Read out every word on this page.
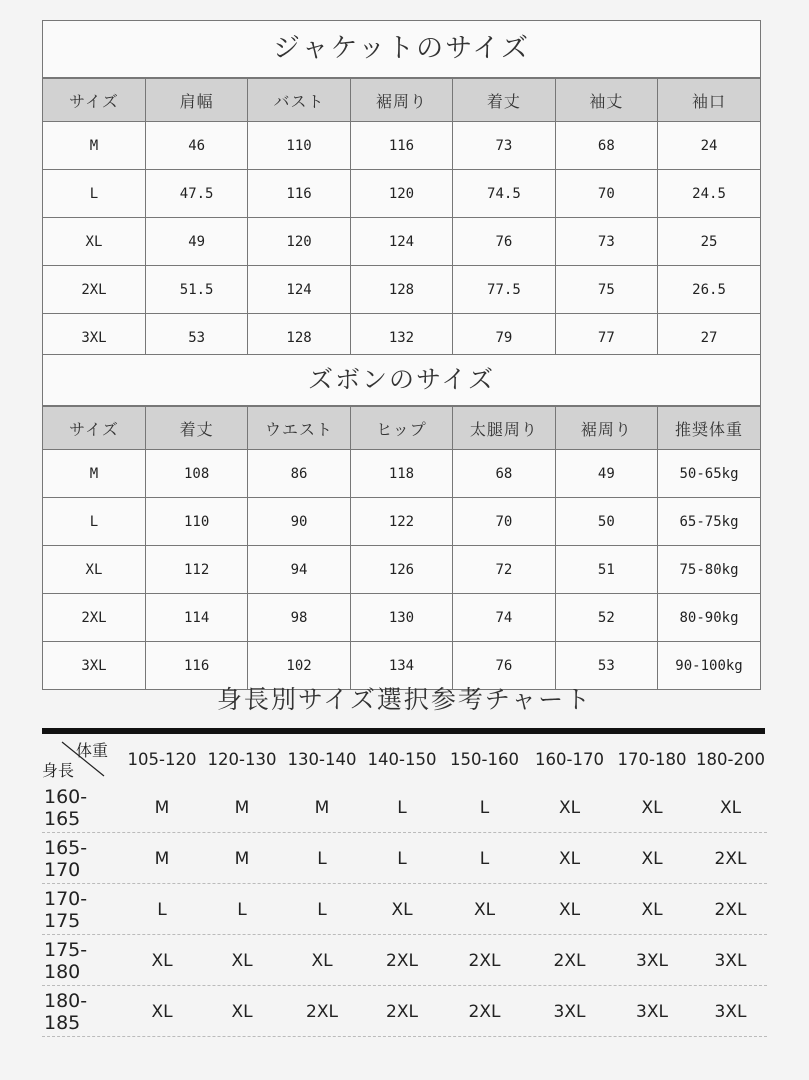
ジャケットのサイズ
サイズ	肩幅	バスト	裾周り	着丈	袖丈	袖口
M	46	110	116	73	68	24
L	47.5	116	120	74.5	70	24.5
XL	49	120	124	76	73	25
2XL	51.5	124	128	77.5	75	26.5
3XL	53	128	132	79	77	27
ズボンのサイズ
サイズ	着丈	ウエスト	ヒップ	太腿周り	裾周り	推奨体重
M	108	86	118	68	49	50-65kg
L	110	90	122	70	50	65-75kg
XL	112	94	126	72	51	75-80kg
2XL	114	98	130	74	52	80-90kg
3XL	116	102	134	76	53	90-100kg
身長別サイズ選択参考チャート
体重
身長
105-120 120-130 130-140 140-150 150-160 160-170 170-180 180-200
160-165	M	M	M	L	L	XL	XL	XL
165-170	M	M	L	L	L	XL	XL	2XL
170-175	L	L	L	XL	XL	XL	XL	2XL
175-180	XL	XL	XL	2XL	2XL	2XL	3XL	3XL
180-185	XL	XL	2XL	2XL	2XL	3XL	3XL	3XL
